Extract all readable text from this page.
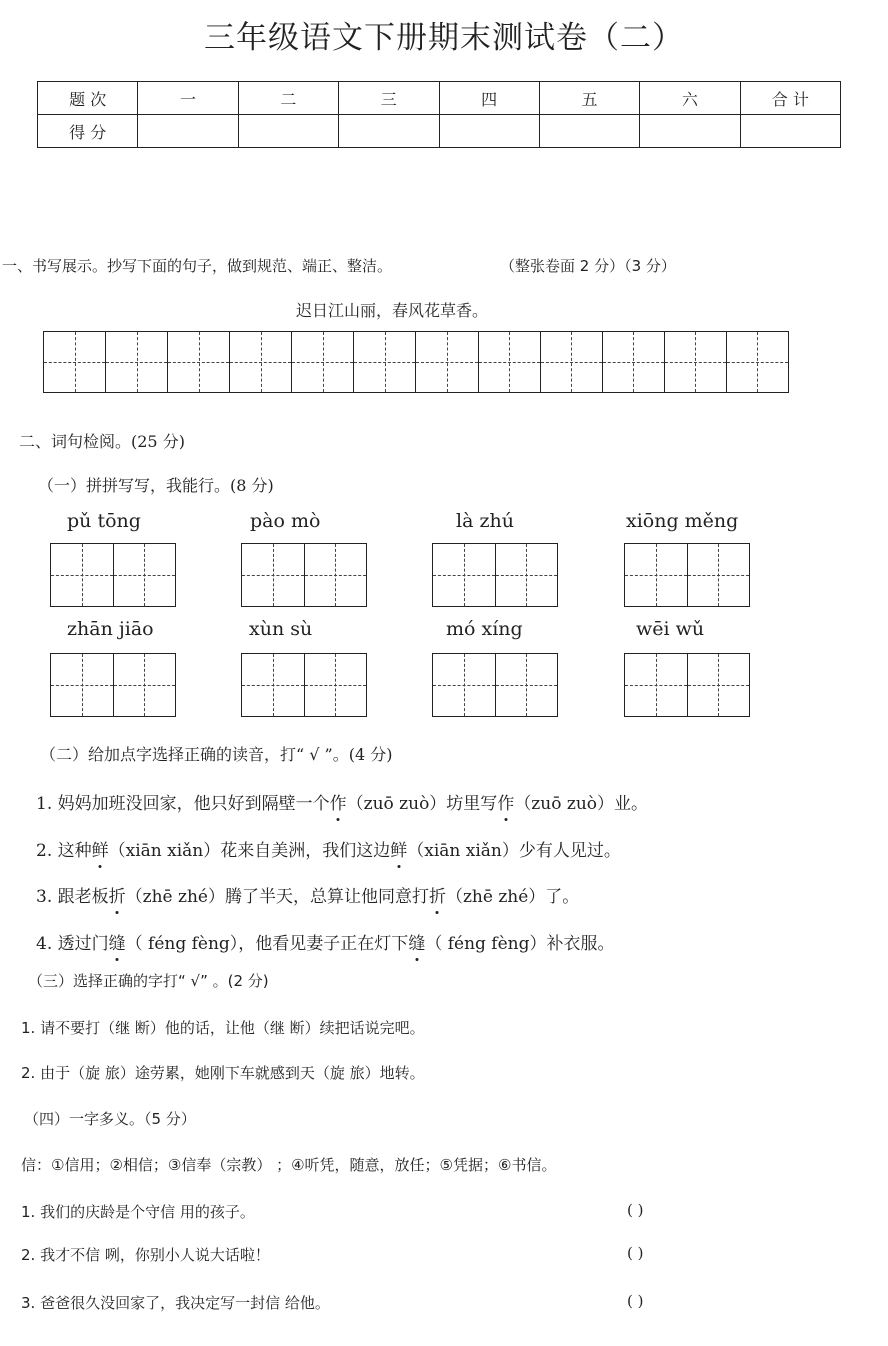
三年级语文下册期末测试卷（二）
题 次	一	二	三	四	五	六	合 计
得 分							
一、书写展示。抄写下面的句子，做到规范、端正、整洁。	（整张卷面 2 分）（3 分）
迟日江山丽，春风花草香。
二、词句检阅。(25 分)
（一）拼拼写写，我能行。(8 分)
pǔ tōng	pào mò	là zhú	xiōng měng
zhān jiāo	xùn sù	mó xíng	wēi wǔ
（二）给加点字选择正确的读音，打“ √ ”。(4 分)
1. 妈妈加班没回家，他只好到隔壁一个作（zuō zuò）坊里写作（zuō zuò）业。
2. 这种鲜（xiān xiǎn）花来自美洲，我们这边鲜（xiān xiǎn）少有人见过。
3. 跟老板折（zhē zhé）腾了半天，总算让他同意打折（zhē zhé）了。
4. 透过门缝（ féng fèng），他看见妻子正在灯下缝（ féng fèng）补衣服。
（三）选择正确的字打“ √” 。(2 分)
1. 请不要打（继 断）他的话，让他（继 断）续把话说完吧。
2. 由于（旋 旅）途劳累，她刚下车就感到天（旋 旅）地转。
（四）一字多义。（5 分）
信：①信用；②相信；③信奉（宗教） ；④听凭，随意，放任；⑤凭据；⑥书信。
1. 我们的庆龄是个守信 用的孩子。	( )
2. 我才不信 咧，你别小人说大话啦！	( )
3. 爸爸很久没回家了，我决定写一封信 给他。	( )
